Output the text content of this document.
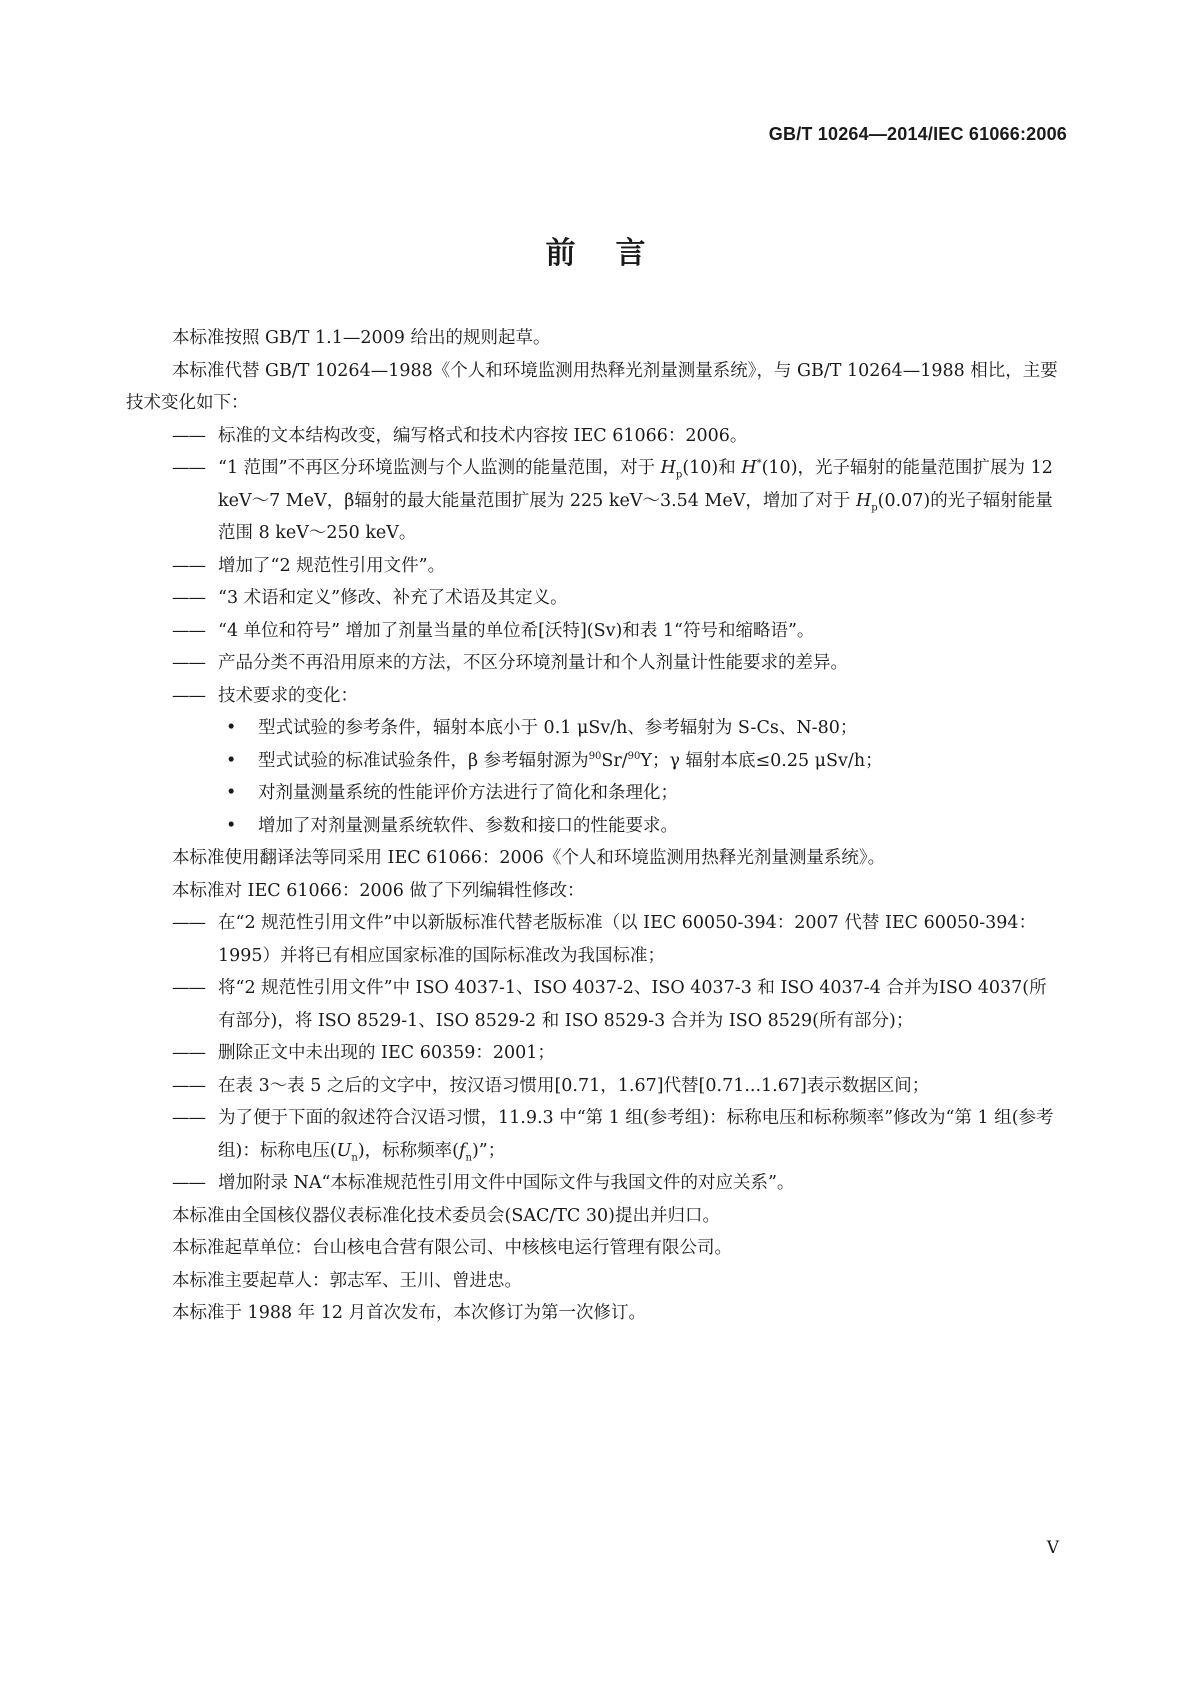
GB/T 10264—2014/IEC 61066:2006
前言

本标准按照 GB/T 1.1—2009 给出的规则起草。

本标准代替 GB/T 10264—1988《个人和环境监测用热释光剂量测量系统》，与 GB/T 10264—1988 相比，主要技术变化如下：

—— 标准的文本结构改变，编写格式和技术内容按 IEC 61066：2006。

—— “1 范围”不再区分环境监测与个人监测的能量范围，对于 $H_p(10)$和 H*(10)，光子辐射的能量范围扩展为 12 keV～7 MeV，β辐射的最大能量范围扩展为 225 keV～3.54 MeV，增加了对于 $H_p(0.07)$的光子辐射能量范围 8 keV～250 keV。

—— 增加了“2 规范性引用文件”。

—— “3 术语和定义”修改、补充了术语及其定义。

—— “4 单位和符号” 增加了剂量当量的单位希[沃特](Sv)和表 1“符号和缩略语”。

—— 产品分类不再沿用原来的方法，不区分环境剂量计和个人剂量计性能要求的差异。

—— 技术要求的变化：

• 型式试验的参考条件，辐射本底小于 0.1 μSv/h、参考辐射为 S-Cs、N-80；

• 型式试验的标准试验条件，β 参考辐射源为$^{90}$Sr/$^{90}$Y；γ 辐射本底≤0.25 μSv/h；

• 对剂量测量系统的性能评价方法进行了简化和条理化；

• 增加了对剂量测量系统软件、参数和接口的性能要求。

本标准使用翻译法等同采用 IEC 61066：2006《个人和环境监测用热释光剂量测量系统》。

本标准对 IEC 61066：2006 做了下列编辑性修改：

—— 在“2 规范性引用文件”中以新版标准代替老版标准（以 IEC 60050-394：2007 代替 IEC 60050-394：1995）并将已有相应国家标准的国际标准改为我国标准；

—— 将“2 规范性引用文件”中 ISO 4037-1、ISO 4037-2、ISO 4037-3 和 ISO 4037-4 合并为ISO 4037(所有部分)，将 ISO 8529-1、ISO 8529-2 和 ISO 8529-3 合并为 ISO 8529(所有部分)；

—— 删除正文中未出现的 IEC 60359：2001；

—— 在表 3～表 5 之后的文字中，按汉语习惯用[0.71，1.67]代替[0.71...1.67]表示数据区间；

—— 为了便于下面的叙述符合汉语习惯，11.9.3 中“第 1 组(参考组)：标称电压和标称频率”修改为“第 1 组(参考组)：标称电压$(U_n)$，标称频率$(f_n)$”；

—— 增加附录 NA“本标准规范性引用文件中国际文件与我国文件的对应关系”。

本标准由全国核仪器仪表标准化技术委员会(SAC/TC 30)提出并归口。

本标准起草单位：台山核电合营有限公司、中核核电运行管理有限公司。

本标准主要起草人：郭志军、王川、曾进忠。

本标准于 1988 年 12 月首次发布，本次修订为第一次修订。

V
